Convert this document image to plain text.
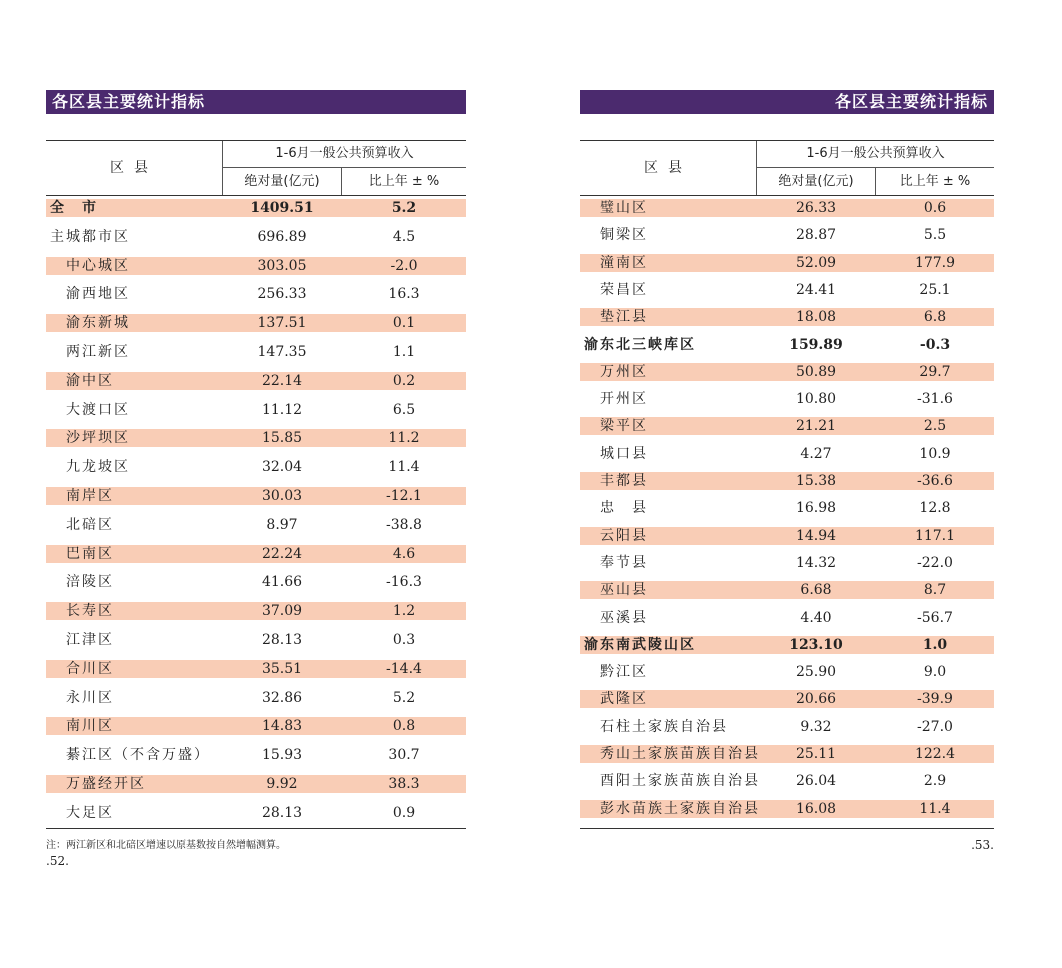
各区县主要统计指标
区县
1-6月一般公共预算收入
绝对量(亿元)	比上年 ± %
全　市	1409.51	5.2
主城都市区	696.89	4.5
中心城区	303.05	-2.0
渝西地区	256.33	16.3
渝东新城	137.51	0.1
两江新区	147.35	1.1
渝中区	22.14	0.2
大渡口区	11.12	6.5
沙坪坝区	15.85	11.2
九龙坡区	32.04	11.4
南岸区	30.03	-12.1
北碚区	8.97	-38.8
巴南区	22.24	4.6
涪陵区	41.66	-16.3
长寿区	37.09	1.2
江津区	28.13	0.3
合川区	35.51	-14.4
永川区	32.86	5.2
南川区	14.83	0.8
綦江区（不含万盛）	15.93	30.7
万盛经开区	9.92	38.3
大足区	28.13	0.9
注：两江新区和北碚区增速以原基数按自然增幅测算。
.52.
各区县主要统计指标
区县
1-6月一般公共预算收入
绝对量(亿元)	比上年 ± %
璧山区	26.33	0.6
铜梁区	28.87	5.5
潼南区	52.09	177.9
荣昌区	24.41	25.1
垫江县	18.08	6.8
渝东北三峡库区	159.89	-0.3
万州区	50.89	29.7
开州区	10.80	-31.6
梁平区	21.21	2.5
城口县	4.27	10.9
丰都县	15.38	-36.6
忠　县	16.98	12.8
云阳县	14.94	117.1
奉节县	14.32	-22.0
巫山县	6.68	8.7
巫溪县	4.40	-56.7
渝东南武陵山区	123.10	1.0
黔江区	25.90	9.0
武隆区	20.66	-39.9
石柱土家族自治县	9.32	-27.0
秀山土家族苗族自治县	25.11	122.4
酉阳土家族苗族自治县	26.04	2.9
彭水苗族土家族自治县	16.08	11.4
.53.
